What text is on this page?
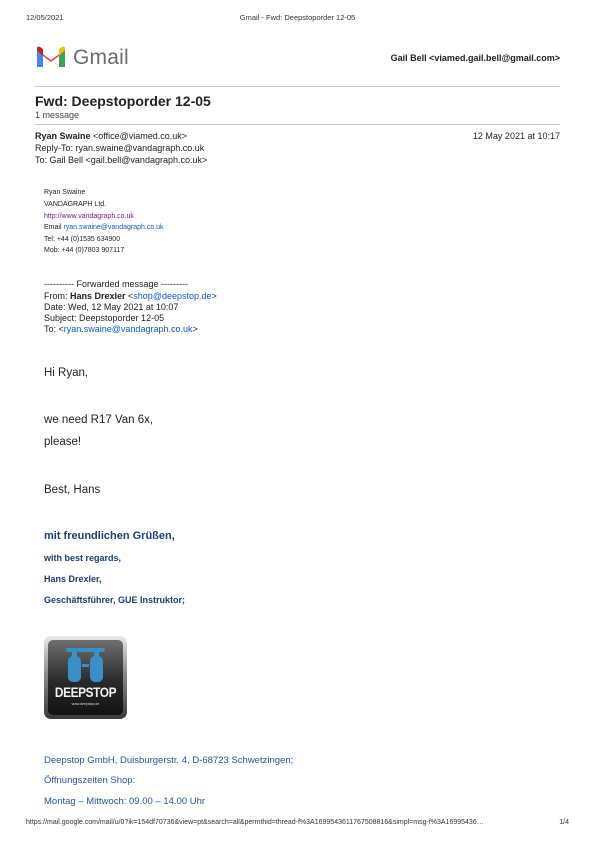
12/05/2021	Gmail - Fwd: Deepstoporder 12-05
Gmail	Gail Bell <viamed.gail.bell@gmail.com>
Fwd: Deepstoporder 12-05
1 message
Ryan Swaine <office@viamed.co.uk>	12 May 2021 at 10:17
Reply-To: ryan.swaine@vandagraph.co.uk
To: Gail Bell <gail.bell@vandagraph.co.uk>
Ryan Swaine
VANDAGRAPH Ltd.
http://www.vandagraph.co.uk
Email ryan.swaine@vandagraph.co.uk
Tel: +44 (0)1535 634900
Mob: +44 (0)7803 907117
---------- Forwarded message ---------
From: Hans Drexler <shop@deepstop.de>
Date: Wed, 12 May 2021 at 10:07
Subject: Deepstoporder 12-05
To: <ryan.swaine@vandagraph.co.uk>
Hi Ryan,
we need R17 Van 6x,
please!
Best, Hans
mit freundlichen Grüßen,
with best regards,
Hans Drexler,
Geschäftsführer, GUE Instruktor;
DEEPSTOP
www.deepstop.de
Deepstop GmbH, Duisburgerstr. 4, D-68723 Schwetzingen;
Öffnungszeiten Shop:
Montag – Mittwoch: 09.00 – 14.00 Uhr
https://mail.google.com/mail/u/0?ik=154df70736&view=pt&search=all&permthid=thread-f%3A1699543611767508816&simpl=msg-f%3A16995436…	1/4
